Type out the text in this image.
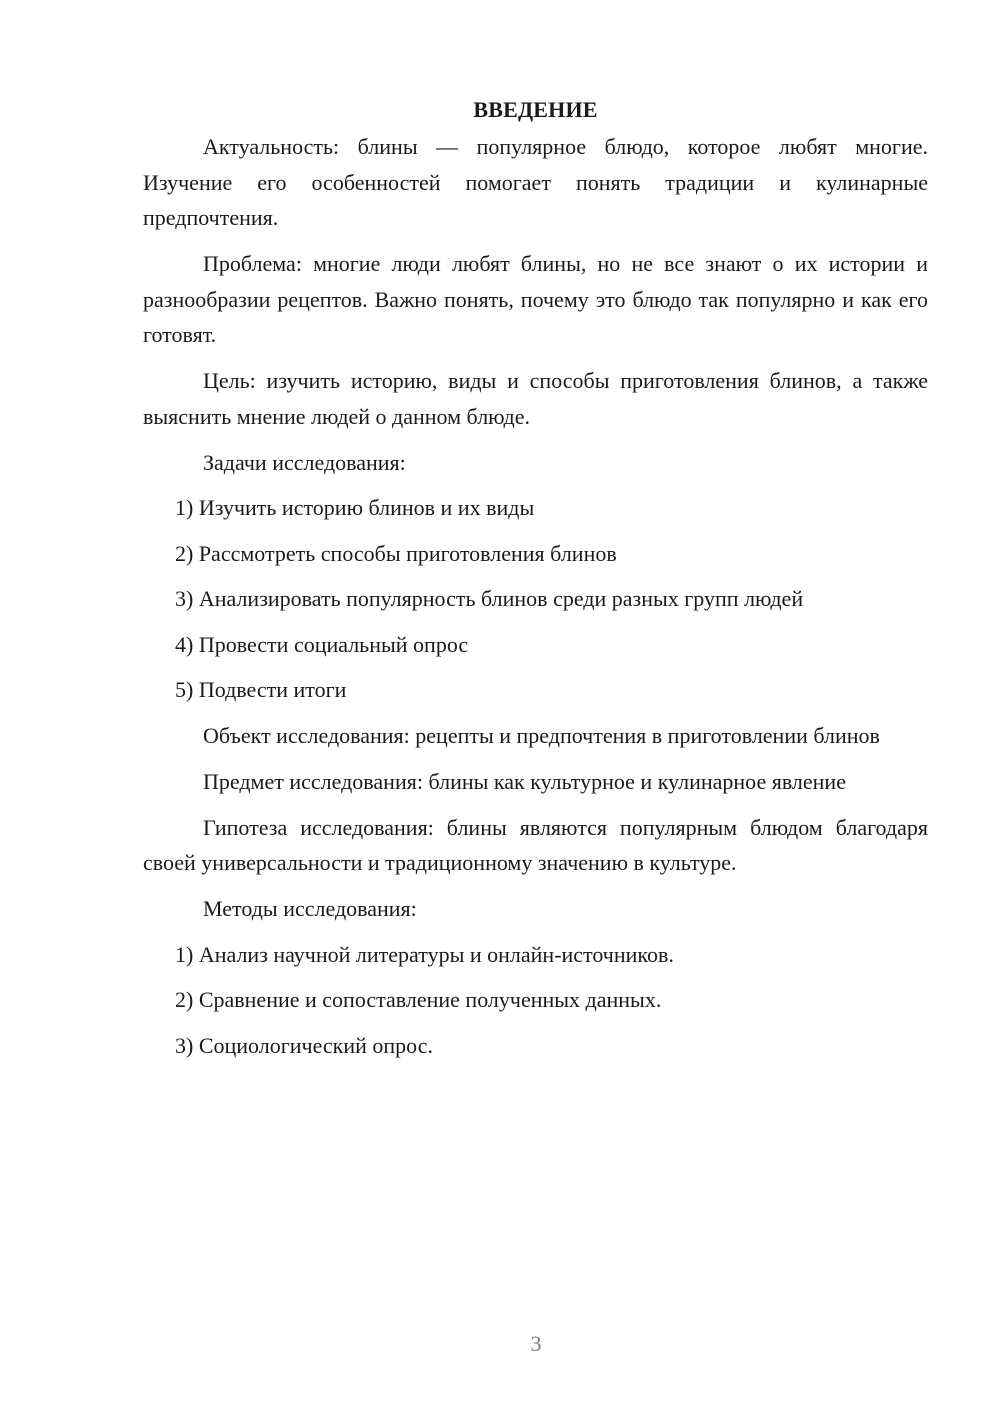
ВВЕДЕНИЕ

Актуальность: блины — популярное блюдо, которое любят многие. Изучение его особенностей помогает понять традиции и кулинарные предпочтения.

Проблема: многие люди любят блины, но не все знают о их истории и разнообразии рецептов. Важно понять, почему это блюдо так популярно и как его готовят.

Цель: изучить историю, виды и способы приготовления блинов, а также выяснить мнение людей о данном блюде.

Задачи исследования:
1) Изучить историю блинов и их виды
2) Рассмотреть способы приготовления блинов
3) Анализировать популярность блинов среди разных групп людей
4) Провести социальный опрос
5) Подвести итоги

Объект исследования: рецепты и предпочтения в приготовлении блинов

Предмет исследования: блины как культурное и кулинарное явление

Гипотеза исследования: блины являются популярным блюдом благодаря своей универсальности и традиционному значению в культуре.

Методы исследования:
1) Анализ научной литературы и онлайн-источников.
2) Сравнение и сопоставление полученных данных.
3) Социологический опрос.
3
